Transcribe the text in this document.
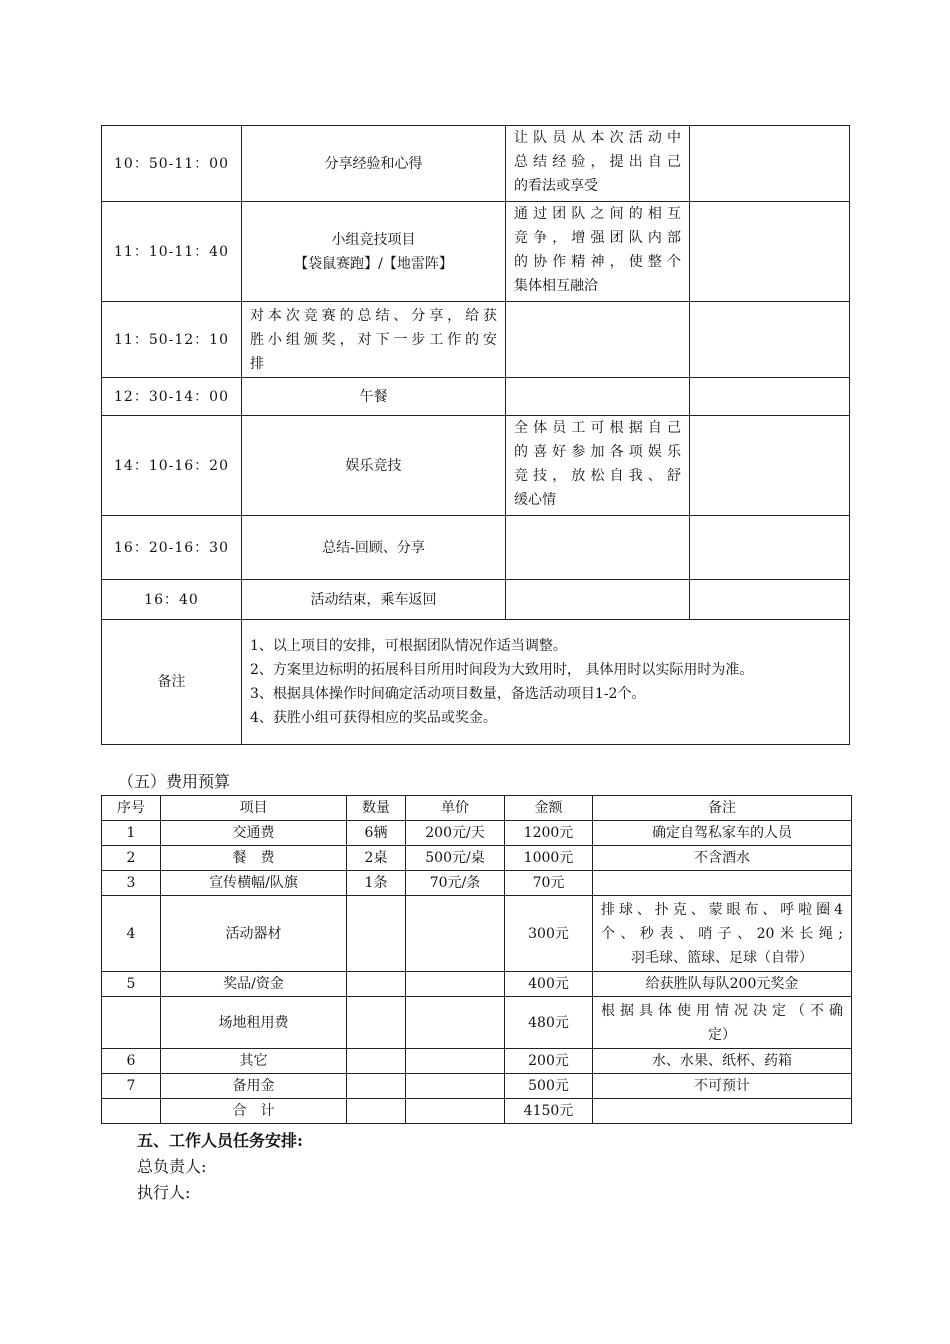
10：50-11：00	分享经验和心得	让队员从本次活动中
总结经验，提出自己
的看法或享受	

11：10-11：40	小组竞技项目
【袋鼠赛跑】/【地雷阵】	通过团队之间的相互
竞争，增强团队内部
的协作精神，使整个
集体相互融洽	

11：50-12：10	对本次竞赛的总结、分享，给获
胜小组颁奖，对下一步工作的安
排		

12：30-14：00	午餐		

14：10-16：20	娱乐竞技	全体员工可根据自己
的喜好参加各项娱乐
竞技，放松自我、舒
缓心情	

16：20-16：30	总结-回顾、分享		

16：40	活动结束，乘车返回		

备注	1、以上项目的安排，可根据团队情况作适当调整。
2、方案里边标明的拓展科目所用时间段为大致用时， 具体用时以实际用时为准。
3、根据具体操作时间确定活动项目数量，备选活动项目1-2个。
4、获胜小组可获得相应的奖品或奖金。		
（五）费用预算
序号	项目	数量	单价	金额	备注
1	交通费	6辆	200元/天	1200元	确定自驾私家车的人员

2	餐　费	2桌	500元/桌	1000元	不含酒水

3	宣传横幅/队旗	1条	70元/条	70元	
4	活动器材			300元	排球、扑克、蒙眼布、呼啦圈4
个、秒表、哨子、20米长绳;
羽毛球、篮球、足球（自带）

5	奖品/资金			400元	给获胜队每队200元奖金

	场地租用费			480元	根据具体使用情况决定（不确
定）

6	其它			200元	水、水果、纸杯、药箱

7	备用金			500元	不可预计

	合　计			4150元	
五、工作人员任务安排:
总负责人:
执行人:
